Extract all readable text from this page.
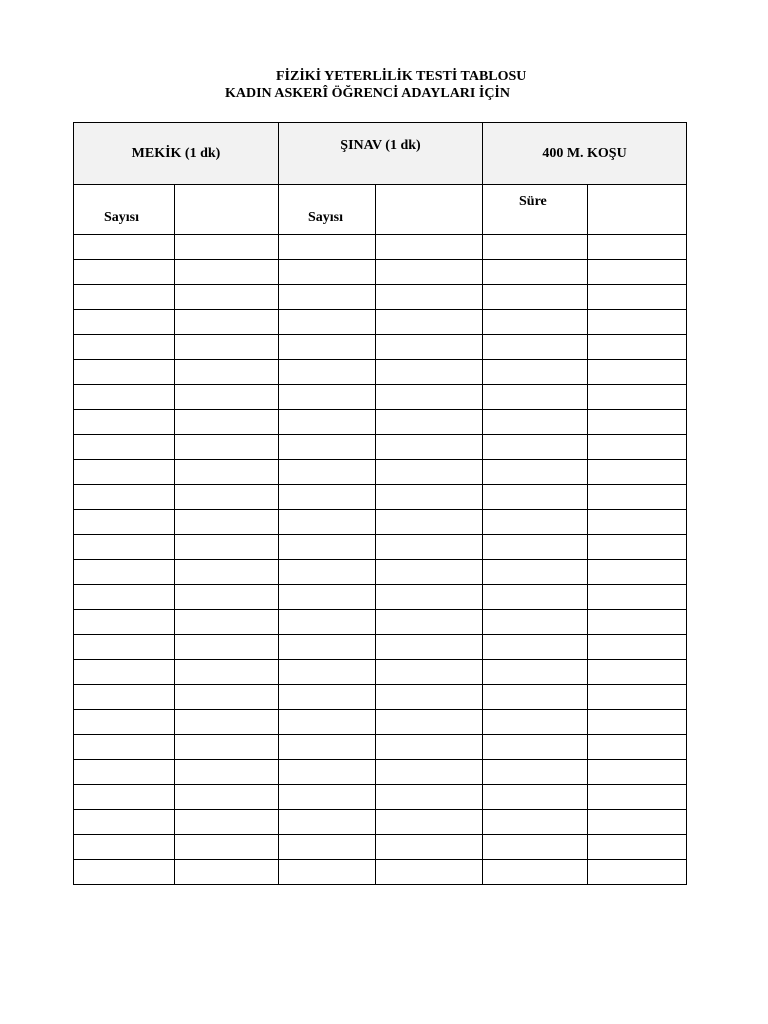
FİZİKİ YETERLİLİK TESTİ TABLOSU
KADIN ASKERÎ ÖĞRENCİ ADAYLARI İÇİN
MEKİK (1 dk)		ŞINAV (1 dk)		400 M. KOŞU	

Sayısı		Sayısı		Süre	
